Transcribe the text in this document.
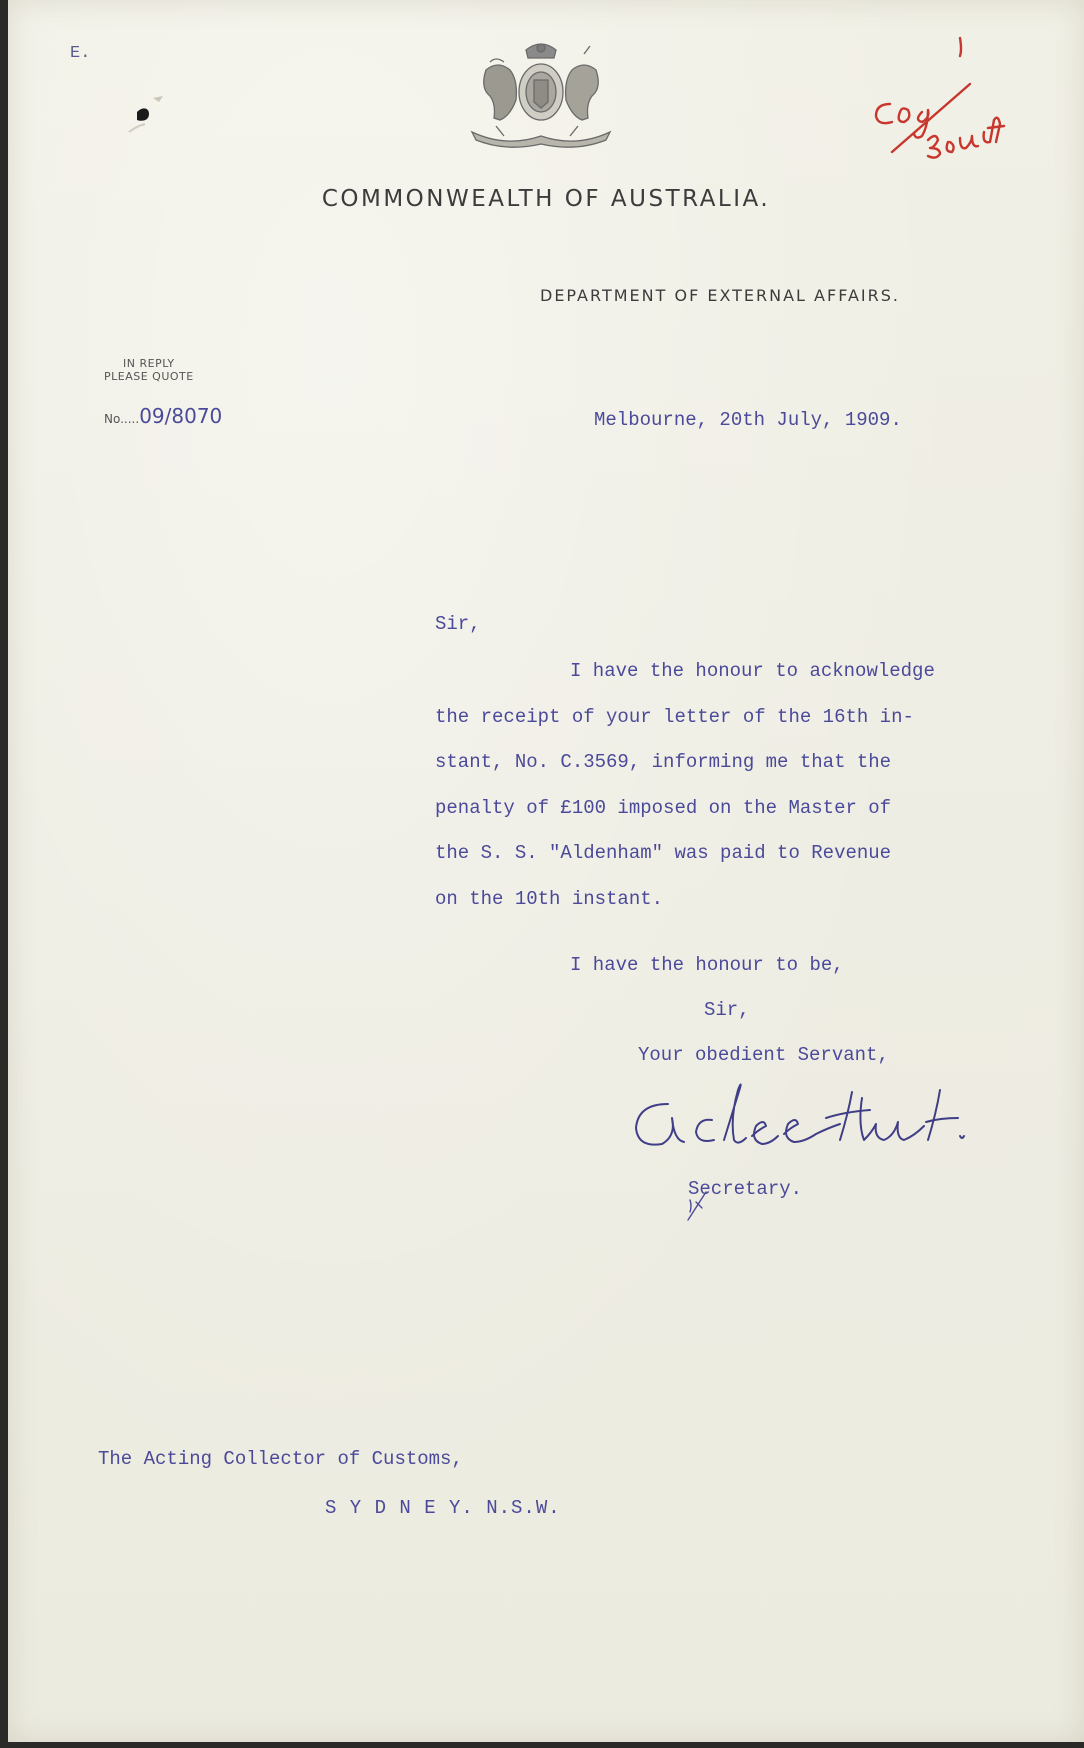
E.
COMMONWEALTH OF AUSTRALIA.
DEPARTMENT OF EXTERNAL AFFAIRS.
IN REPLY
PLEASE QUOTE
No.....09/8070	Melbourne, 20th July, 1909.
Sir,
I have the honour to acknowledge
the receipt of your letter of the 16th in-
stant, No. C.3569, informing me that the
penalty of £100 imposed on the Master of
the S. S. "Aldenham" was paid to Revenue
on the 10th instant.
I have the honour to be,
Sir,
Your obedient Servant,
Secretary.
The Acting Collector of Customs,
S Y D N E Y. N.S.W.
